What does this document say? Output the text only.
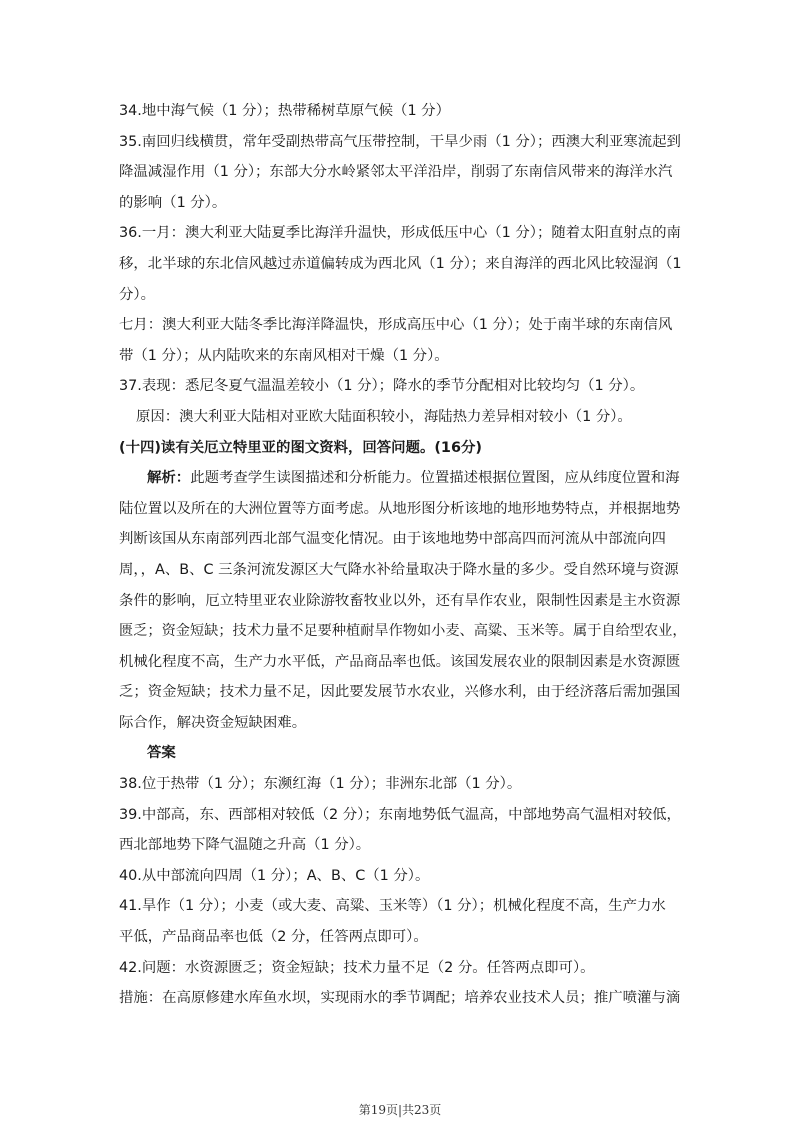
34.地中海气候（1 分）；热带稀树草原气候（1 分）
35.南回归线横贯，常年受副热带高气压带控制，干旱少雨（1 分）；西澳大利亚寒流起到
降温减湿作用（1 分）；东部大分水岭紧邻太平洋沿岸，削弱了东南信风带来的海洋水汽
的影响（1 分）。
36.一月：澳大利亚大陆夏季比海洋升温快，形成低压中心（1 分）；随着太阳直射点的南
移，北半球的东北信风越过赤道偏转成为西北风（1 分）；来自海洋的西北风比较湿润（1
分）。
七月：澳大利亚大陆冬季比海洋降温快，形成高压中心（1 分）；处于南半球的东南信风
带（1 分）；从内陆吹来的东南风相对干燥（1 分）。
37.表现：悉尼冬夏气温温差较小（1 分）；降水的季节分配相对比较均匀（1 分）。
原因：澳大利亚大陆相对亚欧大陆面积较小，海陆热力差异相对较小（1 分）。
(十四)读有关厄立特里亚的图文资料，回答问题。(16分)
解析：此题考查学生读图描述和分析能力。位置描述根据位置图，应从纬度位置和海
陆位置以及所在的大洲位置等方面考虑。从地形图分析该地的地形地势特点，并根据地势
判断该国从东南部列西北部气温变化情况。由于该地地势中部高四而河流从中部流向四
周，，A、B、C 三条河流发源区大气降水补给量取决于降水量的多少。受自然环境与资源
条件的影响，厄立特里亚农业除游牧畜牧业以外，还有旱作农业，限制性因素是主水资源
匮乏；资金短缺；技术力量不足要种植耐旱作物如小麦、高粱、玉米等。属于自给型农业，
机械化程度不高，生产力水平低，产品商品率也低。该国发展农业的限制因素是水资源匮
乏；资金短缺；技术力量不足，因此要发展节水农业，兴修水利，由于经济落后需加强国
际合作，解决资金短缺困难。
答案
38.位于热带（1 分）；东濒红海（1 分）；非洲东北部（1 分）。
39.中部高，东、西部相对较低（2 分）；东南地势低气温高，中部地势高气温相对较低，
西北部地势下降气温随之升高（1 分）。
40.从中部流向四周（1 分）；A、B、C（1 分）。
41.旱作（1 分）；小麦（或大麦、高粱、玉米等）（1 分）；机械化程度不高，生产力水
平低，产品商品率也低（2 分，任答两点即可）。
42.问题：水资源匮乏；资金短缺；技术力量不足（2 分。任答两点即可）。
措施：在高原修建水库鱼水坝，实现雨水的季节调配；培养农业技术人员；推广喷灌与滴
第19页|共23页
